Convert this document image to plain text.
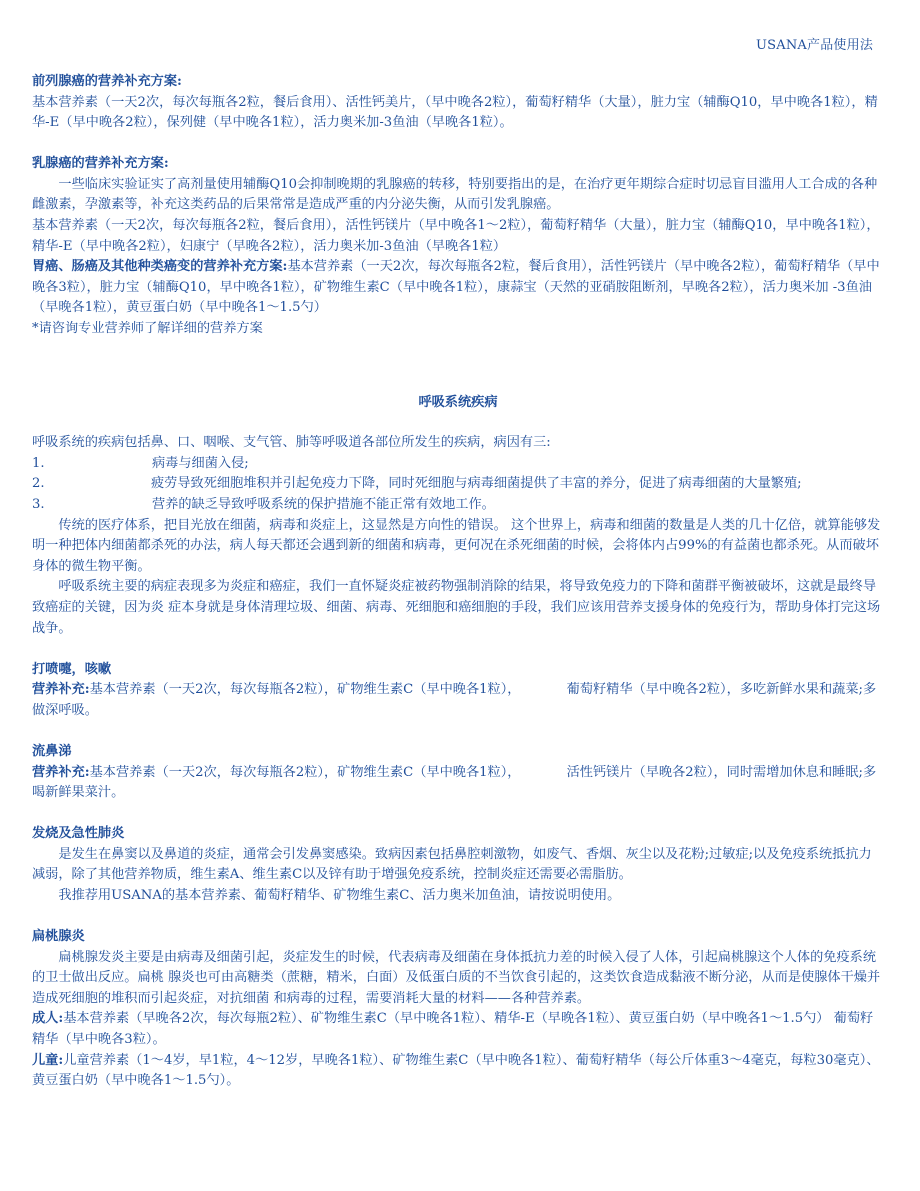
USANA产品使用法

前列腺癌的营养补充方案:

基本营养素（一天2次，每次每瓶各2粒，餐后食用）、活性钙美片，（早中晚各2粒），葡萄籽精华（大量），脏力宝（辅酶Q10，早中晚各1粒），精华-E（早中晚各2粒），保列健（早中晚各1粒），活力奥米加-3鱼油（早晚各1粒）。

乳腺癌的营养补充方案:

一些临床实验证实了高剂量使用辅酶Q10会抑制晚期的乳腺癌的转移，特别要指出的是，在治疗更年期综合症时切忌盲目滥用人工合成的各种雌激素，孕激素等，补充这类药品的后果常常是造成严重的内分泌失衡，从而引发乳腺癌。

基本营养素（一天2次，每次每瓶各2粒，餐后食用），活性钙镁片（早中晚各1～2粒），葡萄籽精华（大量），脏力宝（辅酶Q10，早中晚各1粒），精华-E（早中晚各2粒），妇康宁（早晚各2粒），活力奥米加-3鱼油（早晚各1粒）

胃癌、肠癌及其他种类癌变的营养补充方案:基本营养素（一天2次，每次每瓶各2粒，餐后食用），活性钙镁片（早中晚各2粒），葡萄籽精华（早中晚各3粒），脏力宝（辅酶Q10，早中晚各1粒），矿物维生素C（早中晚各1粒），康蒜宝（天然的亚硝胺阻断剂，早晚各2粒），活力奥米加 -3鱼油（早晚各1粒），黄豆蛋白奶（早中晚各1～1.5勺）

*请咨询专业营养师了解详细的营养方案

呼吸系统疾病

呼吸系统的疾病包括鼻、口、咽喉、支气管、肺等呼吸道各部位所发生的疾病，病因有三:

1.	病毒与细菌入侵;
2.	疲劳导致死细胞堆积并引起免疫力下降，同时死细胞与病毒细菌提供了丰富的养分，促进了病毒细菌的大量繁殖;
3.	营养的缺乏导致呼吸系统的保护措施不能正常有效地工作。

传统的医疗体系，把目光放在细菌，病毒和炎症上，这显然是方向性的错误。 这个世界上，病毒和细菌的数量是人类的几十亿倍，就算能够发明一种把体内细菌都杀死的办法，病人每天都还会遇到新的细菌和病毒，更何况在杀死细菌的时候，会将体内占99%的有益菌也都杀死。从而破坏身体的微生物平衡。

呼吸系统主要的病症表现多为炎症和癌症，我们一直怀疑炎症被药物强制消除的结果，将导致免疫力的下降和菌群平衡被破坏，这就是最终导致癌症的关键，因为炎 症本身就是身体清理垃圾、细菌、病毒、死细胞和癌细胞的手段，我们应该用营养支援身体的免疫行为，帮助身体打完这场战争。

打喷嚏，咳嗽

营养补充:基本营养素（一天2次，每次每瓶各2粒），矿物维生素C（早中晚各1粒），           葡萄籽精华（早中晚各2粒），多吃新鲜水果和蔬菜;多做深呼吸。

流鼻涕

营养补充:基本营养素（一天2次，每次每瓶各2粒），矿物维生素C（早中晚各1粒），           活性钙镁片（早晚各2粒），同时需增加休息和睡眠;多喝新鲜果菜汁。

发烧及急性肺炎

是发生在鼻窦以及鼻道的炎症，通常会引发鼻窦感染。致病因素包括鼻腔刺激物，如废气、香烟、灰尘以及花粉;过敏症;以及免疫系统抵抗力减弱，除了其他营养物质，维生素A、维生素C以及锌有助于增强免疫系统，控制炎症还需要必需脂肪。

我推荐用USANA的基本营养素、葡萄籽精华、矿物维生素C、活力奥米加鱼油，请按说明使用。

扁桃腺炎

扁桃腺发炎主要是由病毒及细菌引起，炎症发生的时候，代表病毒及细菌在身体抵抗力差的时候入侵了人体，引起扁桃腺这个人体的免疫系统的卫士做出反应。扁桃 腺炎也可由高糖类（蔗糖，精米，白面）及低蛋白质的不当饮食引起的，这类饮食造成黏液不断分泌，从而是使腺体干燥并造成死细胞的堆积而引起炎症，对抗细菌 和病毒的过程，需要消耗大量的材料——各种营养素。

成人:基本营养素（早晚各2次，每次每瓶2粒）、矿物维生素C（早中晚各1粒）、精华-E（早晚各1粒）、黄豆蛋白奶（早中晚各1～1.5勺） 葡萄籽精华（早中晚各3粒）。

儿童:儿童营养素（1～4岁，早1粒，4～12岁，早晚各1粒）、矿物维生素C（早中晚各1粒）、葡萄籽精华（每公斤体重3～4毫克，每粒30毫克）、黄豆蛋白奶（早中晚各1～1.5勺）。
